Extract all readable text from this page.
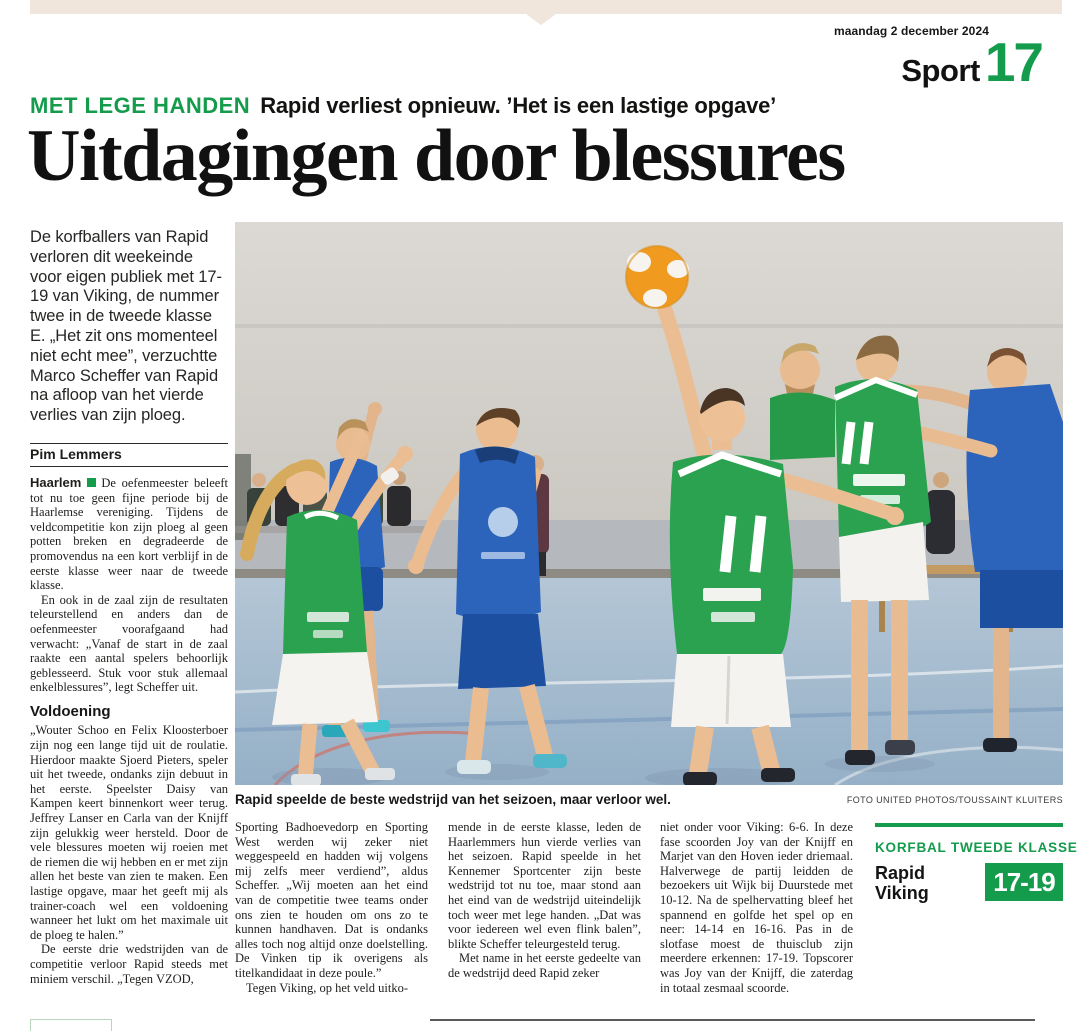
maandag 2 december 2024
Sport 17
MET LEGE HANDEN Rapid verliest opnieuw. ’Het is een lastige opgave’
Uitdagingen door blessures

De korfballers van Rapid verloren dit weekeinde voor eigen publiek met 17-19 van Viking, de nummer twee in de tweede klasse E. „Het zit ons momenteel niet echt mee”, verzuchtte Marco Scheffer van Rapid na afloop van het vierde verlies van zijn ploeg.

Pim Lemmers

Haarlem De oefenmeester beleeft tot nu toe geen fijne periode bij de Haarlemse vereniging. Tijdens de veldcompetitie kon zijn ploeg al geen potten breken en degradeerde de promovendus na een kort verblijf in de eerste klasse weer naar de tweede klasse.

En ook in de zaal zijn de resultaten teleurstellend en anders dan de oefenmeester voorafgaand had verwacht: „Vanaf de start in de zaal raakte een aantal spelers behoorlijk geblesseerd. Stuk voor stuk allemaal enkelblessures”, legt Scheffer uit.

Voldoening

„Wouter Schoo en Felix Kloosterboer zijn nog een lange tijd uit de roulatie. Hierdoor maakte Sjoerd Pieters, speler uit het tweede, ondanks zijn debuut in het eerste. Speelster Daisy van Kampen keert binnenkort weer terug. Jeffrey Lanser en Carla van der Knijff zijn gelukkig weer hersteld. Door de vele blessures moeten wij roeien met de riemen die wij hebben en er met zijn allen het beste van zien te maken. Een lastige opgave, maar het geeft mij als trainer-coach wel een voldoening wanneer het lukt om het maximale uit de ploeg te halen.”

De eerste drie wedstrijden van de competitie verloor Rapid steeds met miniem verschil. „Tegen VZOD,

Rapid speelde de beste wedstrijd van het seizoen, maar verloor wel.	FOTO UNITED PHOTOS/TOUSSAINT KLUITERS

Sporting Badhoevedorp en Sporting West werden wij zeker niet weggespeeld en hadden wij volgens mij zelfs meer verdiend”, aldus Scheffer. „Wij moeten aan het eind van de competitie twee teams onder ons zien te houden om ons zo te kunnen handhaven. Dat is ondanks alles toch nog altijd onze doelstelling. De Vinken tip ik overigens als titelkandidaat in deze poule.”

Tegen Viking, op het veld uitko-

mende in de eerste klasse, leden de Haarlemmers hun vierde verlies van het seizoen. Rapid speelde in het Kennemer Sportcenter zijn beste wedstrijd tot nu toe, maar stond aan het eind van de wedstrijd uiteindelijk toch weer met lege handen. „Dat was voor iedereen wel even flink balen”, blikte Scheffer teleurgesteld terug.

Met name in het eerste gedeelte van de wedstrijd deed Rapid zeker

niet onder voor Viking: 6-6. In deze fase scoorden Joy van der Knijff en Marjet van den Hoven ieder driemaal. Halverwege de partij leidden de bezoekers uit Wijk bij Duurstede met 10-12. Na de spelhervatting bleef het spannend en golfde het spel op en neer: 14-14 en 16-16. Pas in de slotfase moest de thuisclub zijn meerdere erkennen: 17-19. Topscorer was Joy van der Knijff, die zaterdag in totaal zesmaal scoorde.

KORFBAL TWEEDE KLASSE
Rapid
Viking	17-19
